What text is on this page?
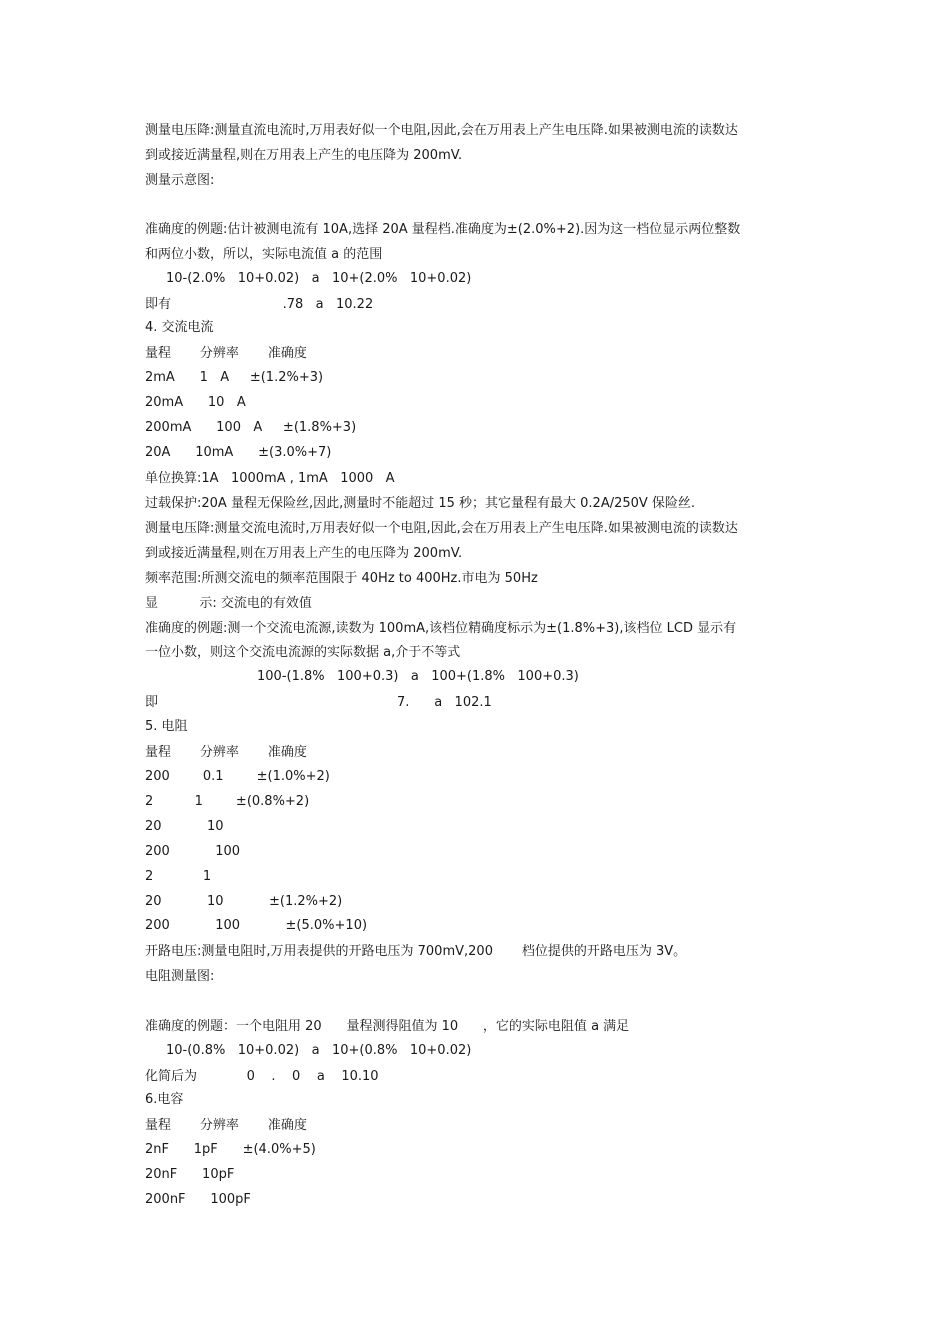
测量电压降:测量直流电流时,万用表好似一个电阻,因此,会在万用表上产生电压降.如果被测电流的读数达
到或接近满量程,则在万用表上产生的电压降为 200mV.
测量示意图:
准确度的例题:估计被测电流有 10A,选择 20A 量程档.准确度为±(2.0%+2).因为这一档位显示两位整数
和两位小数，所以，实际电流值 a 的范围
10-(2.0%   10+0.02)   a   10+(2.0%   10+0.02)
即有                           .78   a   10.22
4. 交流电流
量程       分辨率       准确度
2mA      1   A     ±(1.2%+3)
20mA      10   A
200mA      100   A     ±(1.8%+3)
20A      10mA      ±(3.0%+7)
单位换算:1A   1000mA , 1mA   1000   A
过载保护:20A 量程无保险丝,因此,测量时不能超过 15 秒；其它量程有最大 0.2A/250V 保险丝.
测量电压降:测量交流电流时,万用表好似一个电阻,因此,会在万用表上产生电压降.如果被测电流的读数达
到或接近满量程,则在万用表上产生的电压降为 200mV.
频率范围:所测交流电的频率范围限于 40Hz to 400Hz.市电为 50Hz
显          示: 交流电的有效值
准确度的例题:测一个交流电流源,读数为 100mA,该档位精确度标示为±(1.8%+3),该档位 LCD 显示有
一位小数，则这个交流电流源的实际数据 a,介于不等式
100-(1.8%   100+0.3)   a   100+(1.8%   100+0.3)
即	7.      a   102.1
5. 电阻
量程       分辨率       准确度
200        0.1        ±(1.0%+2)
2          1        ±(0.8%+2)
20           10
200           100
2            1
20           10           ±(1.2%+2)
200           100           ±(5.0%+10)
开路电压:测量电阻时,万用表提供的开路电压为 700mV,200       档位提供的开路电压为 3V。
电阻测量图:
准确度的例题：一个电阻用 20      量程测得阻值为 10      ，它的实际电阻值 a 满足
10-(0.8%   10+0.02)   a   10+(0.8%   10+0.02)
化简后为            0    .    0    a    10.10
6.电容
量程       分辨率       准确度
2nF      1pF      ±(4.0%+5)
20nF      10pF
200nF      100pF
